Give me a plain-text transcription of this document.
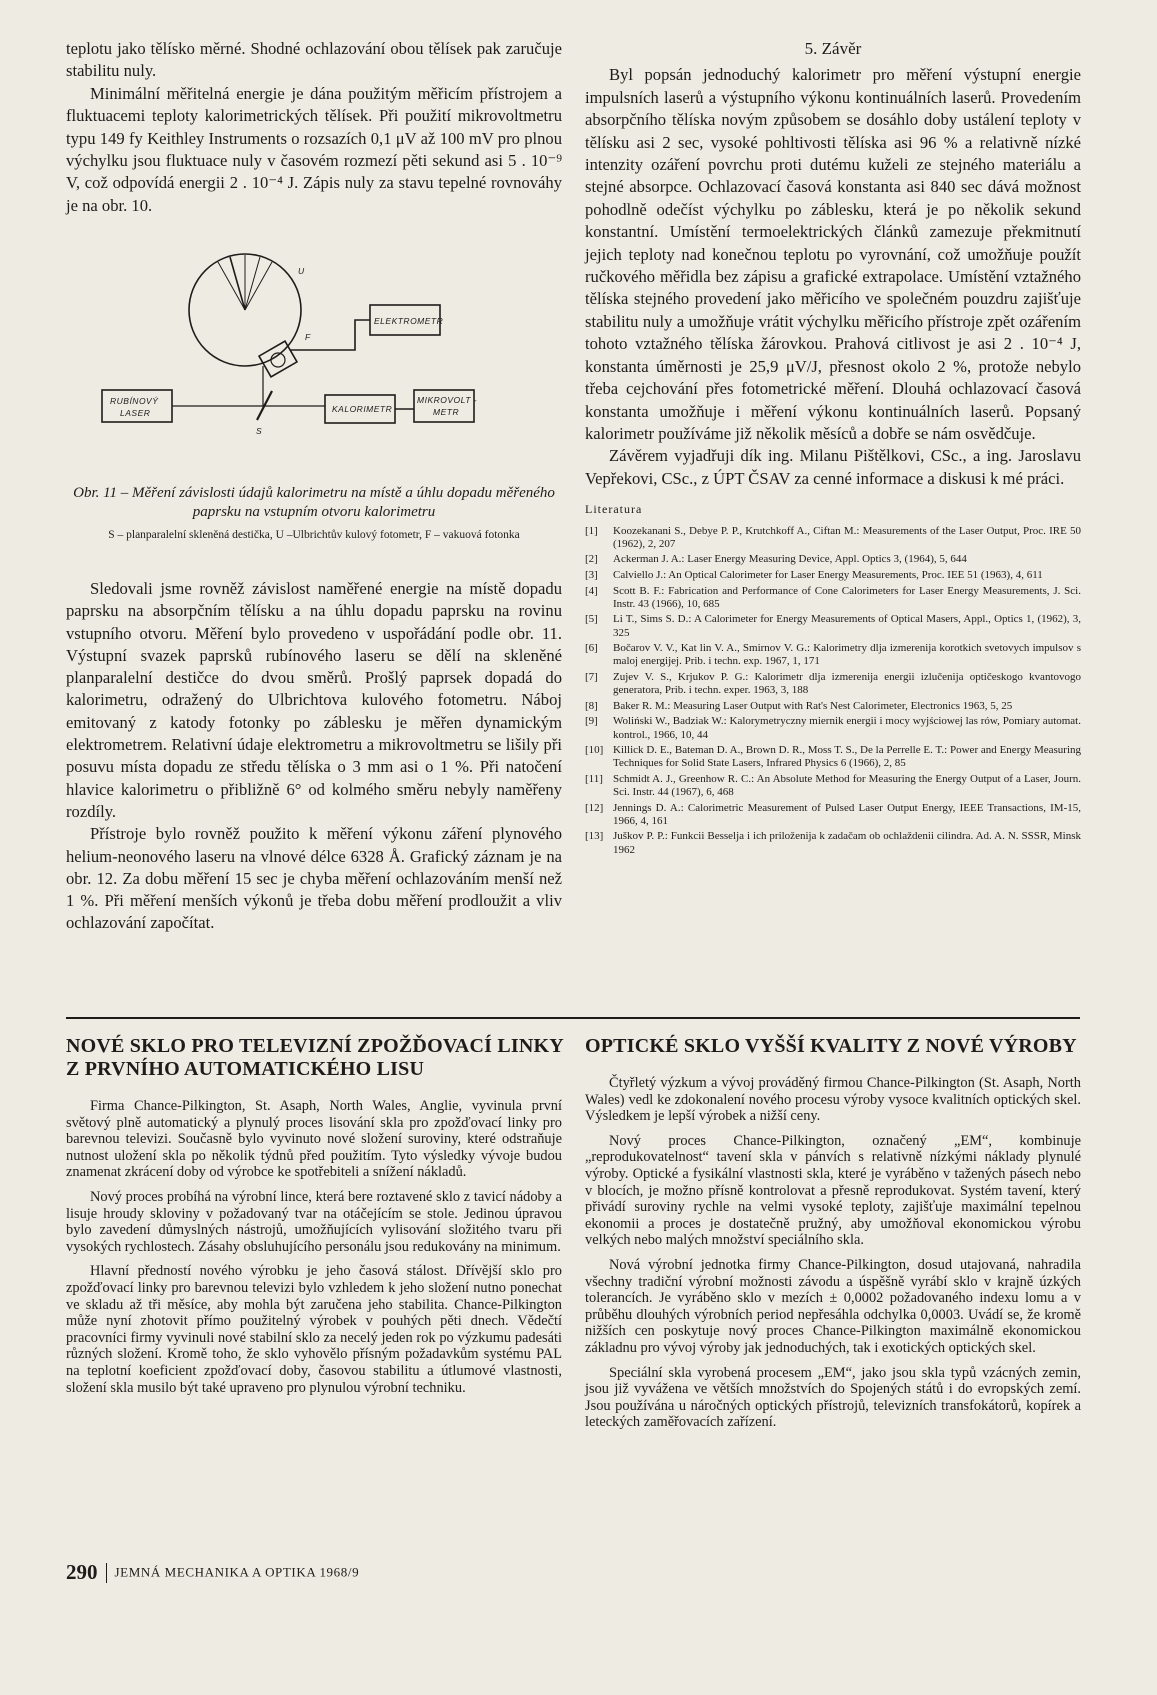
teplotu jako tělísko měrné. Shodné ochlazování obou tělísek pak zaručuje stabilitu nuly.

Minimální měřitelná energie je dána použitým měřicím přístrojem a fluktuacemi teploty kalorimetrických tělísek. Při použití mikrovoltmetru typu 149 fy Keithley Instruments o rozsazích 0,1 μV až 100 mV pro plnou výchylku jsou fluktuace nuly v časovém rozmezí pěti sekund asi 5 . 10⁻⁹ V, což odpovídá energii 2 . 10⁻⁴ J. Zápis nuly za stavu tepelné rovnováhy je na obr. 10.

U
F
S
ELEKTROMETR
RUBÍNOVÝ
LASER	KALORIMETR
MIKROVOLT -
METR
Obr. 11 – Měření závislosti údajů kalorimetru na místě a úhlu dopadu měřeného paprsku na vstupním otvoru kalorimetru
S – planparalelní skleněná destička, U –Ulbrichtův kulový fotometr, F – vakuová fotonka

Sledovali jsme rovněž závislost naměřené energie na místě dopadu paprsku na absorpčním tělísku a na úhlu dopadu paprsku na rovinu vstupního otvoru. Měření bylo provedeno v uspořádání podle obr. 11. Výstupní svazek paprsků rubínového laseru se dělí na skleněné planparalelní destičce do dvou směrů. Prošlý paprsek dopadá do kalorimetru, odražený do Ulbrichtova kulového fotometru. Náboj emitovaný z katody fotonky po záblesku je měřen dynamickým elektrometrem. Relativní údaje elektrometru a mikrovoltmetru se lišily při posuvu místa dopadu ze středu tělíska o 3 mm asi o 1 %. Při natočení hlavice kalorimetru o přibližně 6° od kolmého směru nebyly naměřeny rozdíly.

Přístroje bylo rovněž použito k měření výkonu záření plynového helium-neonového laseru na vlnové délce 6328 Å. Grafický záznam je na obr. 12. Za dobu měření 15 sec je chyba měření ochlazováním menší než 1 %. Při měření menších výkonů je třeba dobu měření prodloužit a vliv ochlazování započítat.

5. Závěr

Byl popsán jednoduchý kalorimetr pro měření výstupní energie impulsních laserů a výstupního výkonu kontinuálních laserů. Provedením absorpčního tělíska novým způsobem se dosáhlo doby ustálení teploty v tělísku asi 2 sec, vysoké pohltivosti tělíska asi 96 % a relativně nízké intenzity ozáření povrchu proti dutému kuželi ze stejného materiálu a stejné absorpce. Ochlazovací časová konstanta asi 840 sec dává možnost pohodlně odečíst výchylku po záblesku, která je po několik sekund konstantní. Umístění termoelektrických článků zamezuje překmitnutí jejich teploty nad konečnou teplotu po vyrovnání, což umožňuje použít ručkového měřidla bez zápisu a grafické extrapolace. Umístění vztažného tělíska stejného provedení jako měřicího ve společném pouzdru zajišťuje stabilitu nuly a umožňuje vrátit výchylku měřicího přístroje zpět ozářením tohoto vztažného tělíska žárovkou. Prahová citlivost je asi 2 . 10⁻⁴ J, konstanta úměrnosti je 25,9 μV/J, přesnost okolo 2 %, protože nebylo třeba cejchování přes fotometrické měření. Dlouhá ochlazovací časová konstanta umožňuje i měření výkonu kontinuálních laserů. Popsaný kalorimetr používáme již několik měsíců a dobře se nám osvědčuje.

Závěrem vyjadřuji dík ing. Milanu Pištělkovi, CSc., a ing. Jaroslavu Vepřekovi, CSc., z ÚPT ČSAV za cenné informace a diskusi k mé práci.

Literatura
[1] Koozekanani S., Debye P. P., Krutchkoff A., Ciftan M.: Measurements of the Laser Output, Proc. IRE 50 (1962), 2, 207
[2] Ackerman J. A.: Laser Energy Measuring Device, Appl. Optics 3, (1964), 5, 644
[3] Calviello J.: An Optical Calorimeter for Laser Energy Measurements, Proc. IEE 51 (1963), 4, 611
[4] Scott B. F.: Fabrication and Performance of Cone Calorimeters for Laser Energy Measurements, J. Sci. Instr. 43 (1966), 10, 685
[5] Li T., Sims S. D.: A Calorimeter for Energy Measurements of Optical Masers, Appl., Optics 1, (1962), 3, 325
[6] Bočarov V. V., Kat lin V. A., Smirnov V. G.: Kalorimetry dlja izmerenija korotkich svetovych impulsov s maloj energijej. Prib. i techn. exp. 1967, 1, 171
[7] Zujev V. S., Krjukov P. G.: Kalorimetr dlja izmerenija energii izlučenija optičeskogo kvantovogo generatora, Prib. i techn. exper. 1963, 3, 188
[8] Baker R. M.: Measuring Laser Output with Rat's Nest Calorimeter, Electronics 1963, 5, 25
[9] Woliński W., Badziak W.: Kalorymetryczny miernik energii i mocy wyjściowej las rów, Pomiary automat. kontrol., 1966, 10, 44
[10] Killick D. E., Bateman D. A., Brown D. R., Moss T. S., De la Perrelle E. T.: Power and Energy Measuring Techniques for Solid State Lasers, Infrared Physics 6 (1966), 2, 85
[11] Schmidt A. J., Greenhow R. C.: An Absolute Method for Measuring the Energy Output of a Laser, Journ. Sci. Instr. 44 (1967), 6, 468
[12] Jennings D. A.: Calorimetric Measurement of Pulsed Laser Output Energy, IEEE Transactions, IM-15, 1966, 4, 161
[13] Juškov P. P.: Funkcii Besselja i ich priloženija k zadačam ob ochlaždenii cilindra. Ad. A. N. SSSR, Minsk 1962
NOVÉ SKLO PRO TELEVIZNÍ ZPOŽĎOVACÍ LINKY Z PRVNÍHO AUTOMATICKÉHO LISU

Firma Chance-Pilkington, St. Asaph, North Wales, Anglie, vyvinula první světový plně automatický a plynulý proces lisování skla pro zpožďovací linky pro barevnou televizi. Současně bylo vyvinuto nové složení suroviny, které odstraňuje nutnost uložení skla po několik týdnů před použitím. Tyto výsledky vývoje budou znamenat zkrácení doby od výrobce ke spotřebiteli a snížení nákladů.

Nový proces probíhá na výrobní lince, která bere roztavené sklo z tavicí nádoby a lisuje hroudy skloviny v požadovaný tvar na otáčejícím se stole. Jedinou úpravou bylo zavedení důmyslných nástrojů, umožňujících vylisování složitého tvaru při vysokých rychlostech. Zásahy obsluhujícího personálu jsou redukovány na minimum.

Hlavní předností nového výrobku je jeho časová stálost. Dřívější sklo pro zpožďovací linky pro barevnou televizi bylo vzhledem k jeho složení nutno ponechat ve skladu až tři měsíce, aby mohla být zaručena jeho stabilita. Chance-Pilkington může nyní zhotovit přímo použitelný výrobek v pouhých pěti dnech. Vědečtí pracovníci firmy vyvinuli nové stabilní sklo za necelý jeden rok po výzkumu padesáti různých složení. Kromě toho, že sklo vyhovělo přísným požadavkům systému PAL na teplotní koeficient zpožďovací doby, časovou stabilitu a útlumové vlastnosti, složení skla musilo být také upraveno pro plynulou výrobní techniku.

OPTICKÉ SKLO VYŠŠÍ KVALITY Z NOVÉ VÝROBY

Čtyřletý výzkum a vývoj prováděný firmou Chance-Pilkington (St. Asaph, North Wales) vedl ke zdokonalení nového procesu výroby vysoce kvalitních optických skel. Výsledkem je lepší výrobek a nižší ceny.

Nový proces Chance-Pilkington, označený „EM“, kombinuje „reprodukovatelnost“ tavení skla v pánvích s relativně nízkými náklady plynulé výroby. Optické a fysikální vlastnosti skla, které je vyráběno v tažených pásech nebo v blocích, je možno přísně kontrolovat a přesně reprodukovat. Systém tavení, který přivádí suroviny rychle na velmi vysoké teploty, zajišťuje maximální tepelnou ekonomii a proces je dostatečně pružný, aby umožňoval ekonomickou výrobu velkých nebo malých množství speciálního skla.

Nová výrobní jednotka firmy Chance-Pilkington, dosud utajovaná, nahradila všechny tradiční výrobní možnosti závodu a úspěšně vyrábí sklo v krajně úzkých tolerancích. Je vyráběno sklo v mezích ± 0,0002 požadovaného indexu lomu a v průběhu dlouhých výrobních period nepřesáhla odchylka 0,0003. Uvádí se, že kromě nižších cen poskytuje nový proces Chance-Pilkington maximálně ekonomickou základnu pro vývoj výroby jak jednoduchých, tak i exotických optických skel.

Speciální skla vyrobená procesem „EM“, jako jsou skla typů vzácných zemin, jsou již vyvážena ve větších množstvích do Spojených států i do evropských zemí. Jsou používána u náročných optických přístrojů, televizních transfokátorů, kopírek a leteckých zaměřovacích zařízení.

290 JEMNÁ MECHANIKA A OPTIKA 1968/9
